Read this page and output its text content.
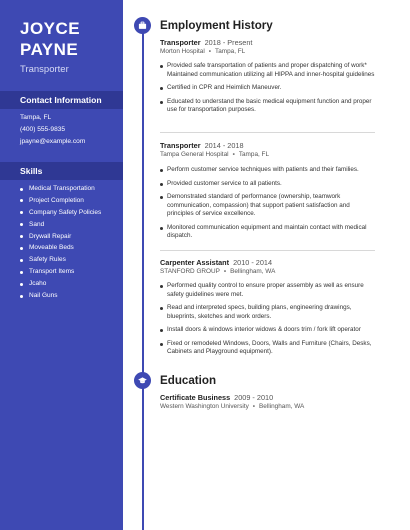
JOYCE
PAYNE
Transporter
Contact Information
Tampa, FL
(400) 555-9835
jpayne@example.com
Skills
Medical Transportation
Project Completion
Company Safety Policies
Sand
Drywall Repair
Moveable Beds
Safety Rules
Transport Items
Jcaho
Nail Guns
Employment History
Transporter 2018 - Present
Morton Hospital • Tampa, FL
Provided safe transportation of patients and proper dispatching of work* Maintained communication utilizing all HIPPA and inner-hospital guidelines
Certified in CPR and Heimlich Maneuver.
Educated to understand the basic medical equipment function and proper use for transportation purposes.
Transporter 2014 - 2018
Tampa General Hospital • Tampa, FL
Perform customer service techniques with patients and their families.
Provided customer service to all patients.
Demonstrated standard of performance (ownership, teamwork communication, compassion) that support patient satisfaction and principles of service excellence.
Monitored communication equipment and maintain contact with medical dispatch.
Carpenter Assistant 2010 - 2014
STANFORD GROUP • Bellingham, WA
Performed quality control to ensure proper assembly as well as ensure safety guidelines were met.
Read and interpreted specs, building plans, engineering drawings, blueprints, sketches and work orders.
Install doors & windows interior widows & doors trim / fork lift operator
Fixed or remodeled Windows, Doors, Walls and Furniture (Chairs, Desks, Cabinets and Playground equipment).
Education
Certificate Business 2009 - 2010
Western Washington University • Bellingham, WA
